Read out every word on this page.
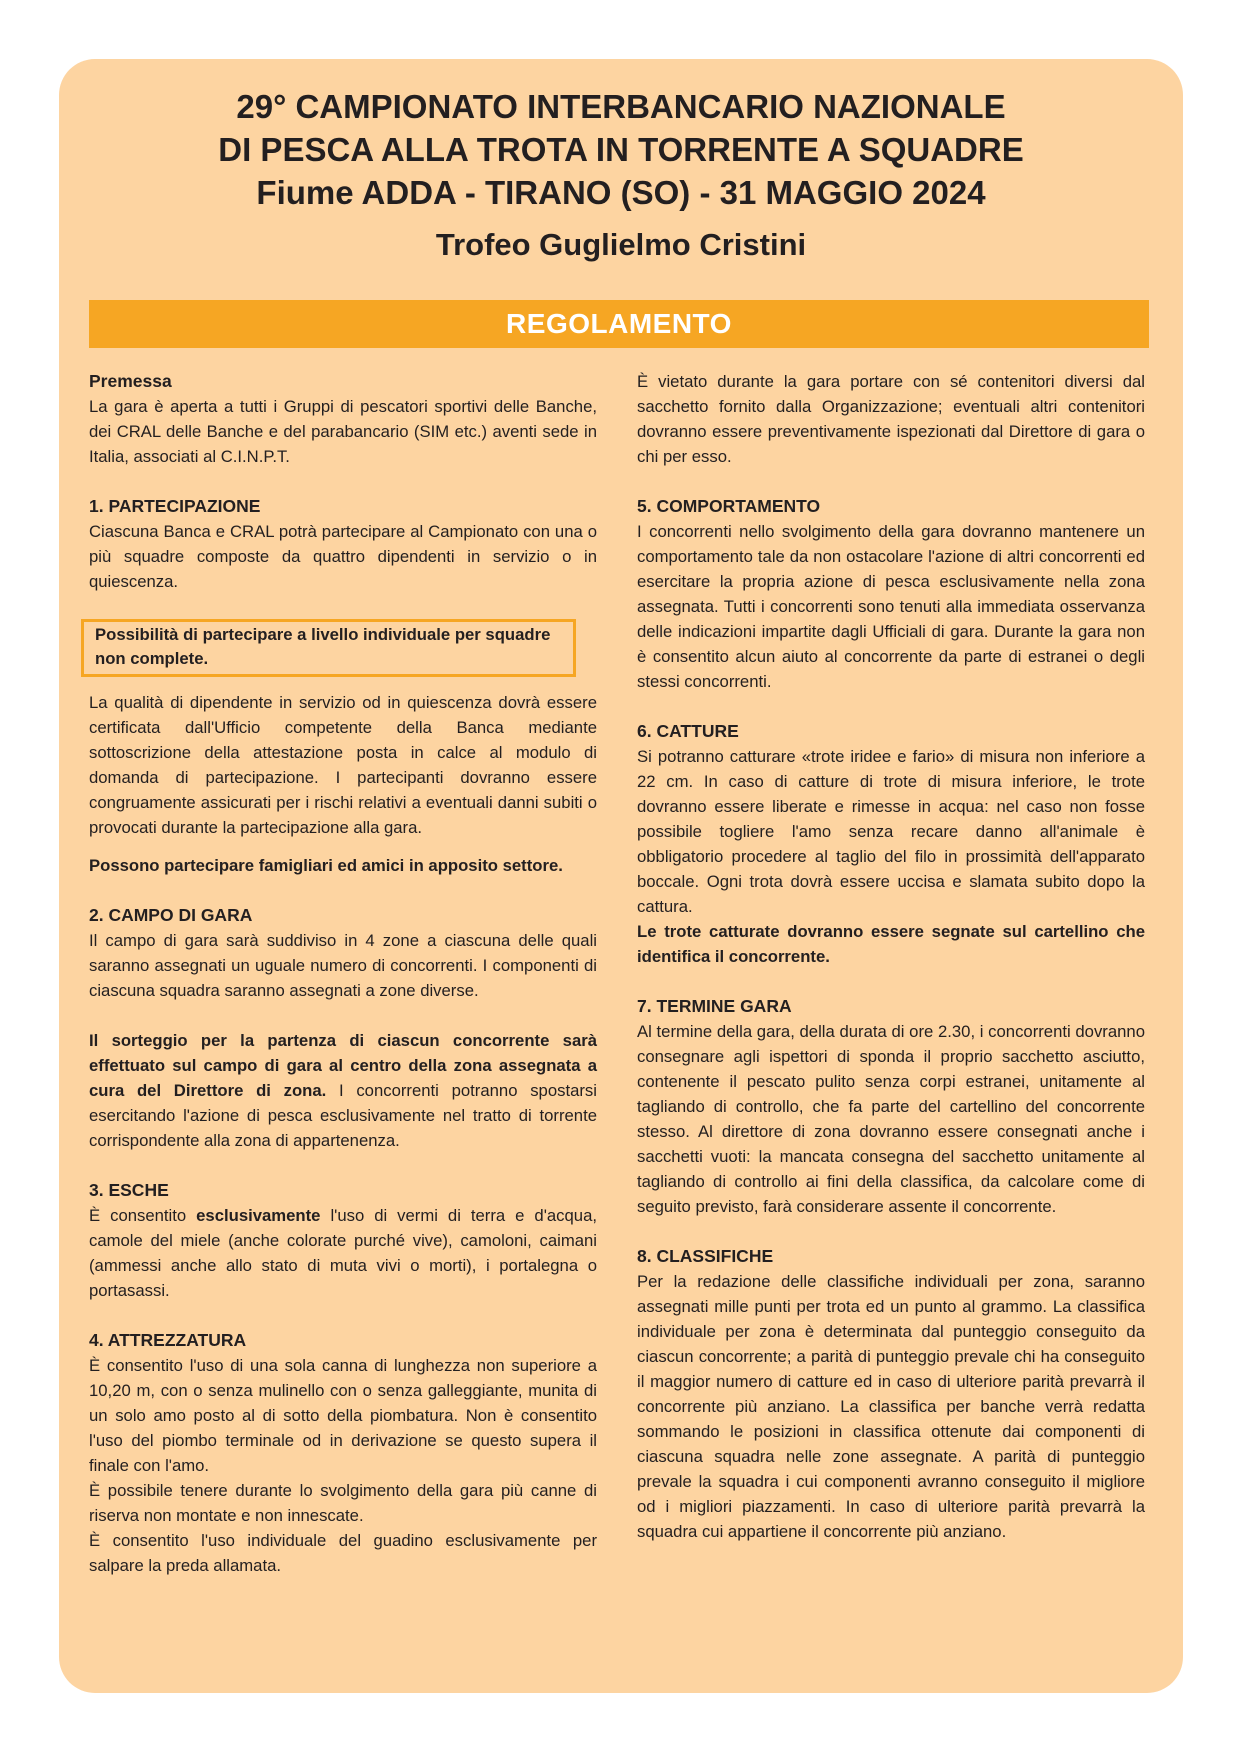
29° CAMPIONATO INTERBANCARIO NAZIONALE
DI PESCA ALLA TROTA IN TORRENTE A SQUADRE
Fiume ADDA - TIRANO (SO) - 31 MAGGIO 2024
Trofeo Guglielmo Cristini
REGOLAMENTO
Premessa

La gara è aperta a tutti i Gruppi di pescatori sportivi delle Banche, dei CRAL delle Banche e del parabancario (SIM etc.) aventi sede in Italia, associati al C.I.N.P.T.

1. PARTECIPAZIONE

Ciascuna Banca e CRAL potrà partecipare al Campionato con una o più squadre composte da quattro dipendenti in servizio o in quiescenza.

Possibilità di partecipare a livello individuale per squadre non complete.

La qualità di dipendente in servizio od in quiescenza dovrà essere certificata dall'Ufficio competente della Banca mediante sottoscrizione della attestazione posta in calce al modulo di domanda di partecipazione. I partecipanti dovranno essere congruamente assicurati per i rischi relativi a eventuali danni subiti o provocati durante la partecipazione alla gara.

Possono partecipare famigliari ed amici in apposito settore.

2. CAMPO DI GARA

Il campo di gara sarà suddiviso in 4 zone a ciascuna delle quali saranno assegnati un uguale numero di concorrenti. I componenti di ciascuna squadra saranno assegnati a zone diverse.

Il sorteggio per la partenza di ciascun concorrente sarà effettuato sul campo di gara al centro della zona assegnata a cura del Direttore di zona. I concorrenti potranno spostarsi esercitando l'azione di pesca esclusivamente nel tratto di torrente corrispondente alla zona di appartenenza.

3. ESCHE

È consentito esclusivamente l'uso di vermi di terra e d'acqua, camole del miele (anche colorate purché vive), camoloni, caimani (ammessi anche allo stato di muta vivi o morti), i portalegna o portasassi.

4. ATTREZZATURA

È consentito l'uso di una sola canna di lunghezza non superiore a 10,20 m, con o senza mulinello con o senza galleggiante, munita di un solo amo posto al di sotto della piombatura. Non è consentito l'uso del piombo terminale od in derivazione se questo supera il finale con l'amo.

È possibile tenere durante lo svolgimento della gara più canne di riserva non montate e non innescate.

È consentito l'uso individuale del guadino esclusivamente per salpare la preda allamata.

È vietato durante la gara portare con sé contenitori diversi dal sacchetto fornito dalla Organizzazione; eventuali altri contenitori dovranno essere preventivamente ispezionati dal Direttore di gara o chi per esso.

5. COMPORTAMENTO

I concorrenti nello svolgimento della gara dovranno mantenere un comportamento tale da non ostacolare l'azione di altri concorrenti ed esercitare la propria azione di pesca esclusivamente nella zona assegnata. Tutti i concorrenti sono tenuti alla immediata osservanza delle indicazioni impartite dagli Ufficiali di gara. Durante la gara non è consentito alcun aiuto al concorrente da parte di estranei o degli stessi concorrenti.

6. CATTURE

Si potranno catturare «trote iridee e fario» di misura non inferiore a 22 cm. In caso di catture di trote di misura inferiore, le trote dovranno essere liberate e rimesse in acqua: nel caso non fosse possibile togliere l'amo senza recare danno all'animale è obbligatorio procedere al taglio del filo in prossimità dell'apparato boccale. Ogni trota dovrà essere uccisa e slamata subito dopo la cattura.

Le trote catturate dovranno essere segnate sul cartellino che identifica il concorrente.

7. TERMINE GARA

Al termine della gara, della durata di ore 2.30, i concorrenti dovranno consegnare agli ispettori di sponda il proprio sacchetto asciutto, contenente il pescato pulito senza corpi estranei, unitamente al tagliando di controllo, che fa parte del cartellino del concorrente stesso. Al direttore di zona dovranno essere consegnati anche i sacchetti vuoti: la mancata consegna del sacchetto unitamente al tagliando di controllo ai fini della classifica, da calcolare come di seguito previsto, farà considerare assente il concorrente.

8. CLASSIFICHE

Per la redazione delle classifiche individuali per zona, saranno assegnati mille punti per trota ed un punto al grammo. La classifica individuale per zona è determinata dal punteggio conseguito da ciascun concorrente; a parità di punteggio prevale chi ha conseguito il maggior numero di catture ed in caso di ulteriore parità prevarrà il concorrente più anziano. La classifica per banche verrà redatta sommando le posizioni in classifica ottenute dai componenti di ciascuna squadra nelle zone assegnate. A parità di punteggio prevale la squadra i cui componenti avranno conseguito il migliore od i migliori piazzamenti. In caso di ulteriore parità prevarrà la squadra cui appartiene il concorrente più anziano.
